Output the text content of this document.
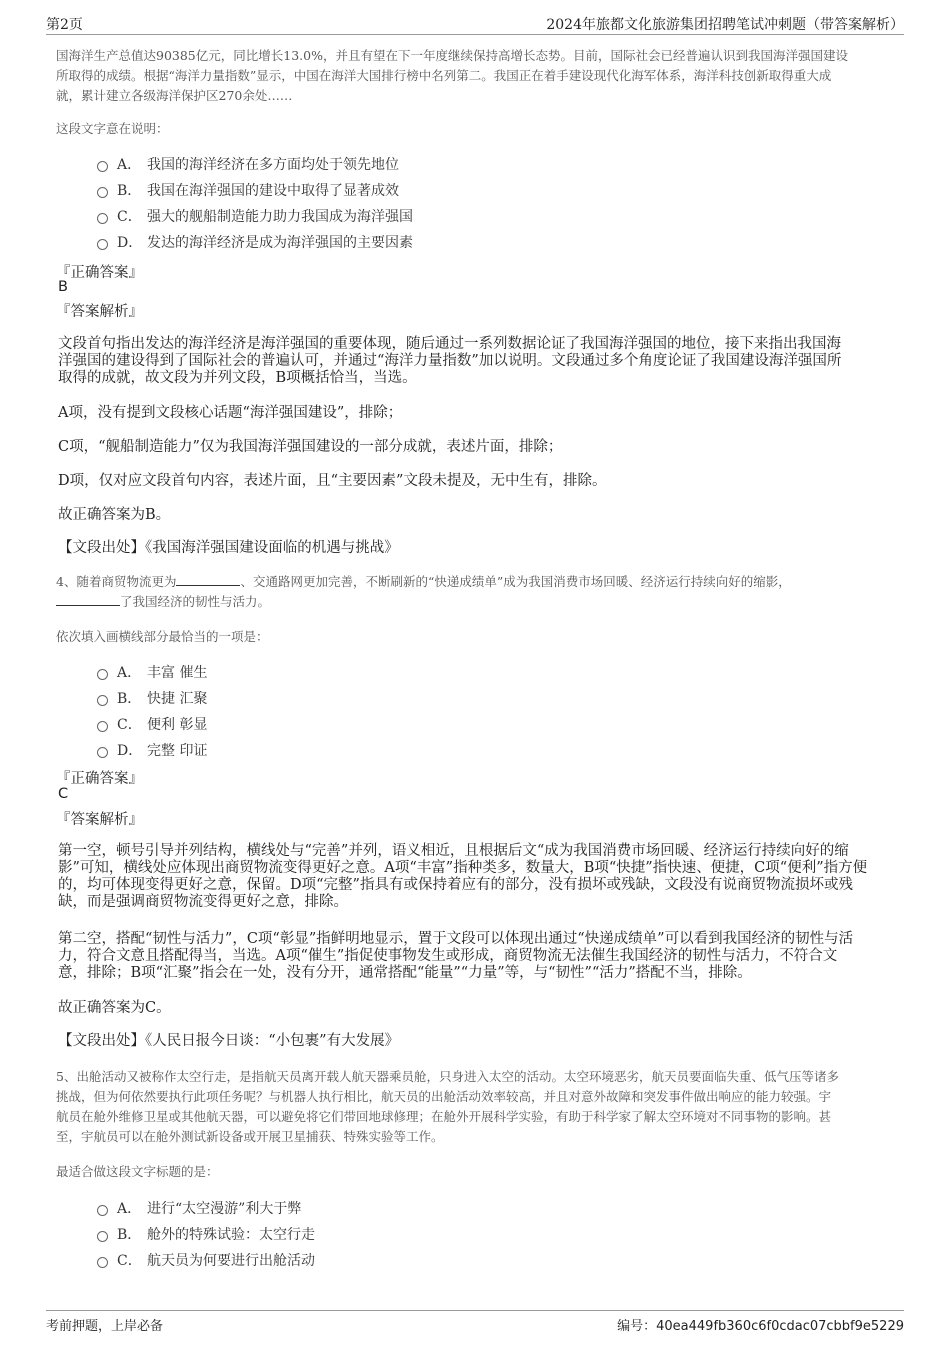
第2页	2024年旅都文化旅游集团招聘笔试冲刺题（带答案解析）
国海洋生产总值达90385亿元，同比增长13.0%，并且有望在下一年度继续保持高增长态势。目前，国际社会已经普遍认识到我国海洋强国建设
所取得的成绩。根据“海洋力量指数”显示，中国在海洋大国排行榜中名列第二。我国正在着手建设现代化海军体系，海洋科技创新取得重大成
就，累计建立各级海洋保护区270余处……
这段文字意在说明：
A． 我国的海洋经济在多方面均处于领先地位
B． 我国在海洋强国的建设中取得了显著成效
C． 强大的舰船制造能力助力我国成为海洋强国
D． 发达的海洋经济是成为海洋强国的主要因素
『正确答案』
B
『答案解析』
文段首句指出发达的海洋经济是海洋强国的重要体现，随后通过一系列数据论证了我国海洋强国的地位，接下来指出我国海
洋强国的建设得到了国际社会的普遍认可，并通过“海洋力量指数”加以说明。文段通过多个角度论证了我国建设海洋强国所
取得的成就，故文段为并列文段，B项概括恰当，当选。
A项，没有提到文段核心话题“海洋强国建设”，排除；
C项，“舰船制造能力”仅为我国海洋强国建设的一部分成就，表述片面，排除；
D项，仅对应文段首句内容，表述片面，且“主要因素”文段未提及，无中生有，排除。
故正确答案为B。
【文段出处】《我国海洋强国建设面临的机遇与挑战》
4、随着商贸物流更为	、交通路网更加完善，不断刷新的“快递成绩单”成为我国消费市场回暖、经济运行持续向好的缩影，
了我国经济的韧性与活力。
依次填入画横线部分最恰当的一项是：
A． 丰富 催生
B． 快捷 汇聚
C． 便利 彰显
D． 完整 印证
『正确答案』
C
『答案解析』
第一空，顿号引导并列结构，横线处与“完善”并列，语义相近，且根据后文“成为我国消费市场回暖、经济运行持续向好的缩
影”可知，横线处应体现出商贸物流变得更好之意。A项“丰富”指种类多，数量大，B项“快捷”指快速、便捷，C项“便利”指方便
的，均可体现变得更好之意，保留。D项“完整”指具有或保持着应有的部分，没有损坏或残缺，文段没有说商贸物流损坏或残
缺，而是强调商贸物流变得更好之意，排除。
第二空，搭配“韧性与活力”，C项“彰显”指鲜明地显示，置于文段可以体现出通过“快递成绩单”可以看到我国经济的韧性与活
力，符合文意且搭配得当，当选。A项“催生”指促使事物发生或形成，商贸物流无法催生我国经济的韧性与活力，不符合文
意，排除；B项“汇聚”指会在一处，没有分开，通常搭配“能量”“力量”等，与“韧性”“活力”搭配不当，排除。
故正确答案为C。
【文段出处】《人民日报今日谈：“小包裹”有大发展》
5、出舱活动又被称作太空行走，是指航天员离开载人航天器乘员舱，只身进入太空的活动。太空环境恶劣，航天员要面临失重、低气压等诸多
挑战，但为何依然要执行此项任务呢？与机器人执行相比，航天员的出舱活动效率较高，并且对意外故障和突发事件做出响应的能力较强。宇
航员在舱外维修卫星或其他航天器，可以避免将它们带回地球修理；在舱外开展科学实验，有助于科学家了解太空环境对不同事物的影响。甚
至，宇航员可以在舱外测试新设备或开展卫星捕获、特殊实验等工作。
最适合做这段文字标题的是：
A． 进行“太空漫游”利大于弊
B． 舱外的特殊试验：太空行走
C． 航天员为何要进行出舱活动
考前押题，上岸必备	编号：40ea449fb360c6f0cdac07cbbf9e5229
